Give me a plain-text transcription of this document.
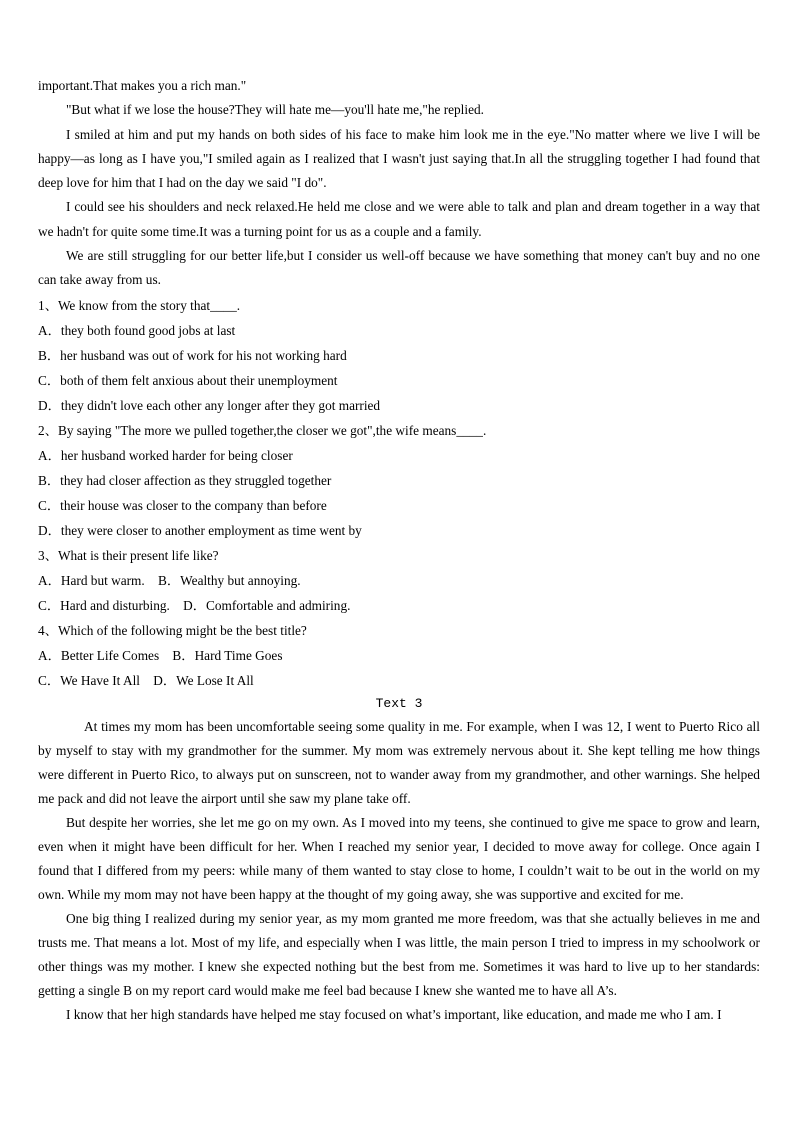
important.That makes you a rich man."

"But what if we lose the house?They will hate me—you'll hate me,"he replied.

I smiled at him and put my hands on both sides of his face to make him look me in the eye."No matter where we live I will be happy—as long as I have you,"I smiled again as I realized that I wasn't just saying that.In all the struggling together I had found that deep love for him that I had on the day we said "I do".

I could see his shoulders and neck relaxed.He held me close and we were able to talk and plan and dream together in a way that we hadn't for quite some time.It was a turning point for us as a couple and a family.

We are still struggling for our better life,but I consider us well-off because we have something that money can't buy and no one can take away from us.

1、We know from the story that____.

A．they both found good jobs at last

B．her husband was out of work for his not working hard

C．both of them felt anxious about their unemployment

D．they didn't love each other any longer after they got married

2、By saying "The more we pulled together,the closer we got",the wife means____.

A．her husband worked harder for being closer

B．they had closer affection as they struggled together

C．their house was closer to the company than before

D．they were closer to another employment as time went by

3、What is their present life like?

A．Hard but warm.    B．Wealthy but annoying.

C．Hard and disturbing.    D．Comfortable and admiring.

4、Which of the following might be the best title?

A．Better Life Comes    B．Hard Time Goes

C．We Have It All    D．We Lose It All

Text 3

At times my mom has been uncomfortable seeing some quality in me. For example, when I was 12, I went to Puerto Rico all by myself to stay with my grandmother for the summer. My mom was extremely nervous about it. She kept telling me how things were different in Puerto Rico, to always put on sunscreen, not to wander away from my grandmother, and other warnings. She helped me pack and did not leave the airport until she saw my plane take off.

But despite her worries, she let me go on my own. As I moved into my teens, she continued to give me space to grow and learn, even when it might have been difficult for her. When I reached my senior year, I decided to move away for college. Once again I found that I differed from my peers: while many of them wanted to stay close to home, I couldn’t wait to be out in the world on my own. While my mom may not have been happy at the thought of my going away, she was supportive and excited for me.

One big thing I realized during my senior year, as my mom granted me more freedom, was that she actually believes in me and trusts me. That means a lot. Most of my life, and especially when I was little, the main person I tried to impress in my schoolwork or other things was my mother. I knew she expected nothing but the best from me. Sometimes it was hard to live up to her standards: getting a single B on my report card would make me feel bad because I knew she wanted me to have all A’s.

I know that her high standards have helped me stay focused on what’s important, like education, and made me who I am. I
